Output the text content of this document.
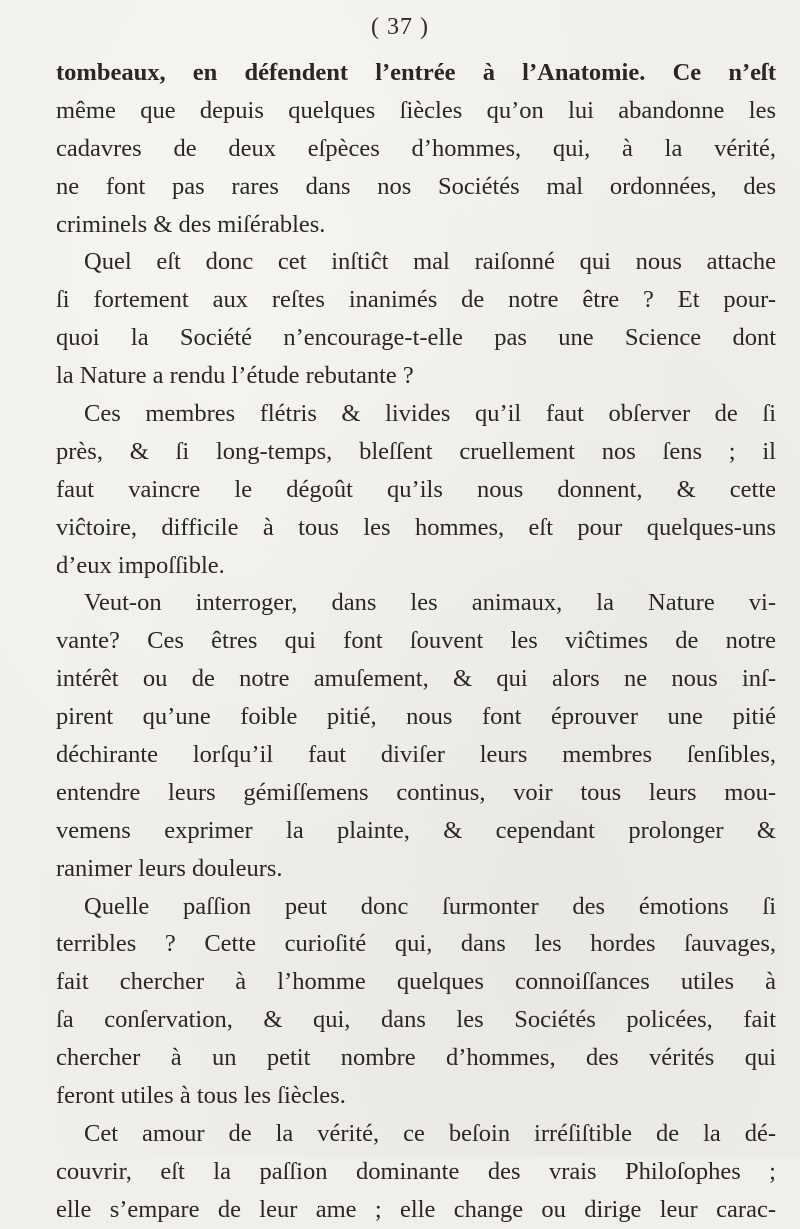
( 37 )
tombeaux, en défendent l’entrée à l’Anatomie. Ce n’eſt
même que depuis quelques ſiècles qu’on lui abandonne les
cadavres de deux eſpèces d’hommes, qui, à la vérité,
ne font pas rares dans nos Sociétés mal ordonnées, des
criminels & des miſérables.
Quel eſt donc cet inſtiĉt mal raiſonné qui nous attache
ſi fortement aux reſtes inanimés de notre être ? Et pour-
quoi la Société n’encourage-t-elle pas une Science dont
la Nature a rendu l’étude rebutante ?
Ces membres flétris & livides qu’il faut obſerver de ſi
près, & ſi long-temps, bleſſent cruellement nos ſens ; il
faut vaincre le dégoût qu’ils nous donnent, & cette
viĉtoire, difficile à tous les hommes, eſt pour quelques-uns
d’eux impoſſible.
Veut-on interroger, dans les animaux, la Nature vi-
vante? Ces êtres qui font ſouvent les viĉtimes de notre
intérêt ou de notre amuſement, & qui alors ne nous inſ-
pirent qu’une foible pitié, nous font éprouver une pitié
déchirante lorſqu’il faut diviſer leurs membres ſenſibles,
entendre leurs gémiſſemens continus, voir tous leurs mou-
vemens exprimer la plainte, & cependant prolonger &
ranimer leurs douleurs.
Quelle paſſion peut donc ſurmonter des émotions ſi
terribles ? Cette curioſité qui, dans les hordes ſauvages,
fait chercher à l’homme quelques connoiſſances utiles à
ſa conſervation, & qui, dans les Sociétés policées, fait
chercher à un petit nombre d’hommes, des vérités qui
feront utiles à tous les ſiècles.
Cet amour de la vérité, ce beſoin irréſiſtible de la dé-
couvrir, eſt la paſſion dominante des vrais Philoſophes ;
elle s’empare de leur ame ; elle change ou dirige leur carac-
